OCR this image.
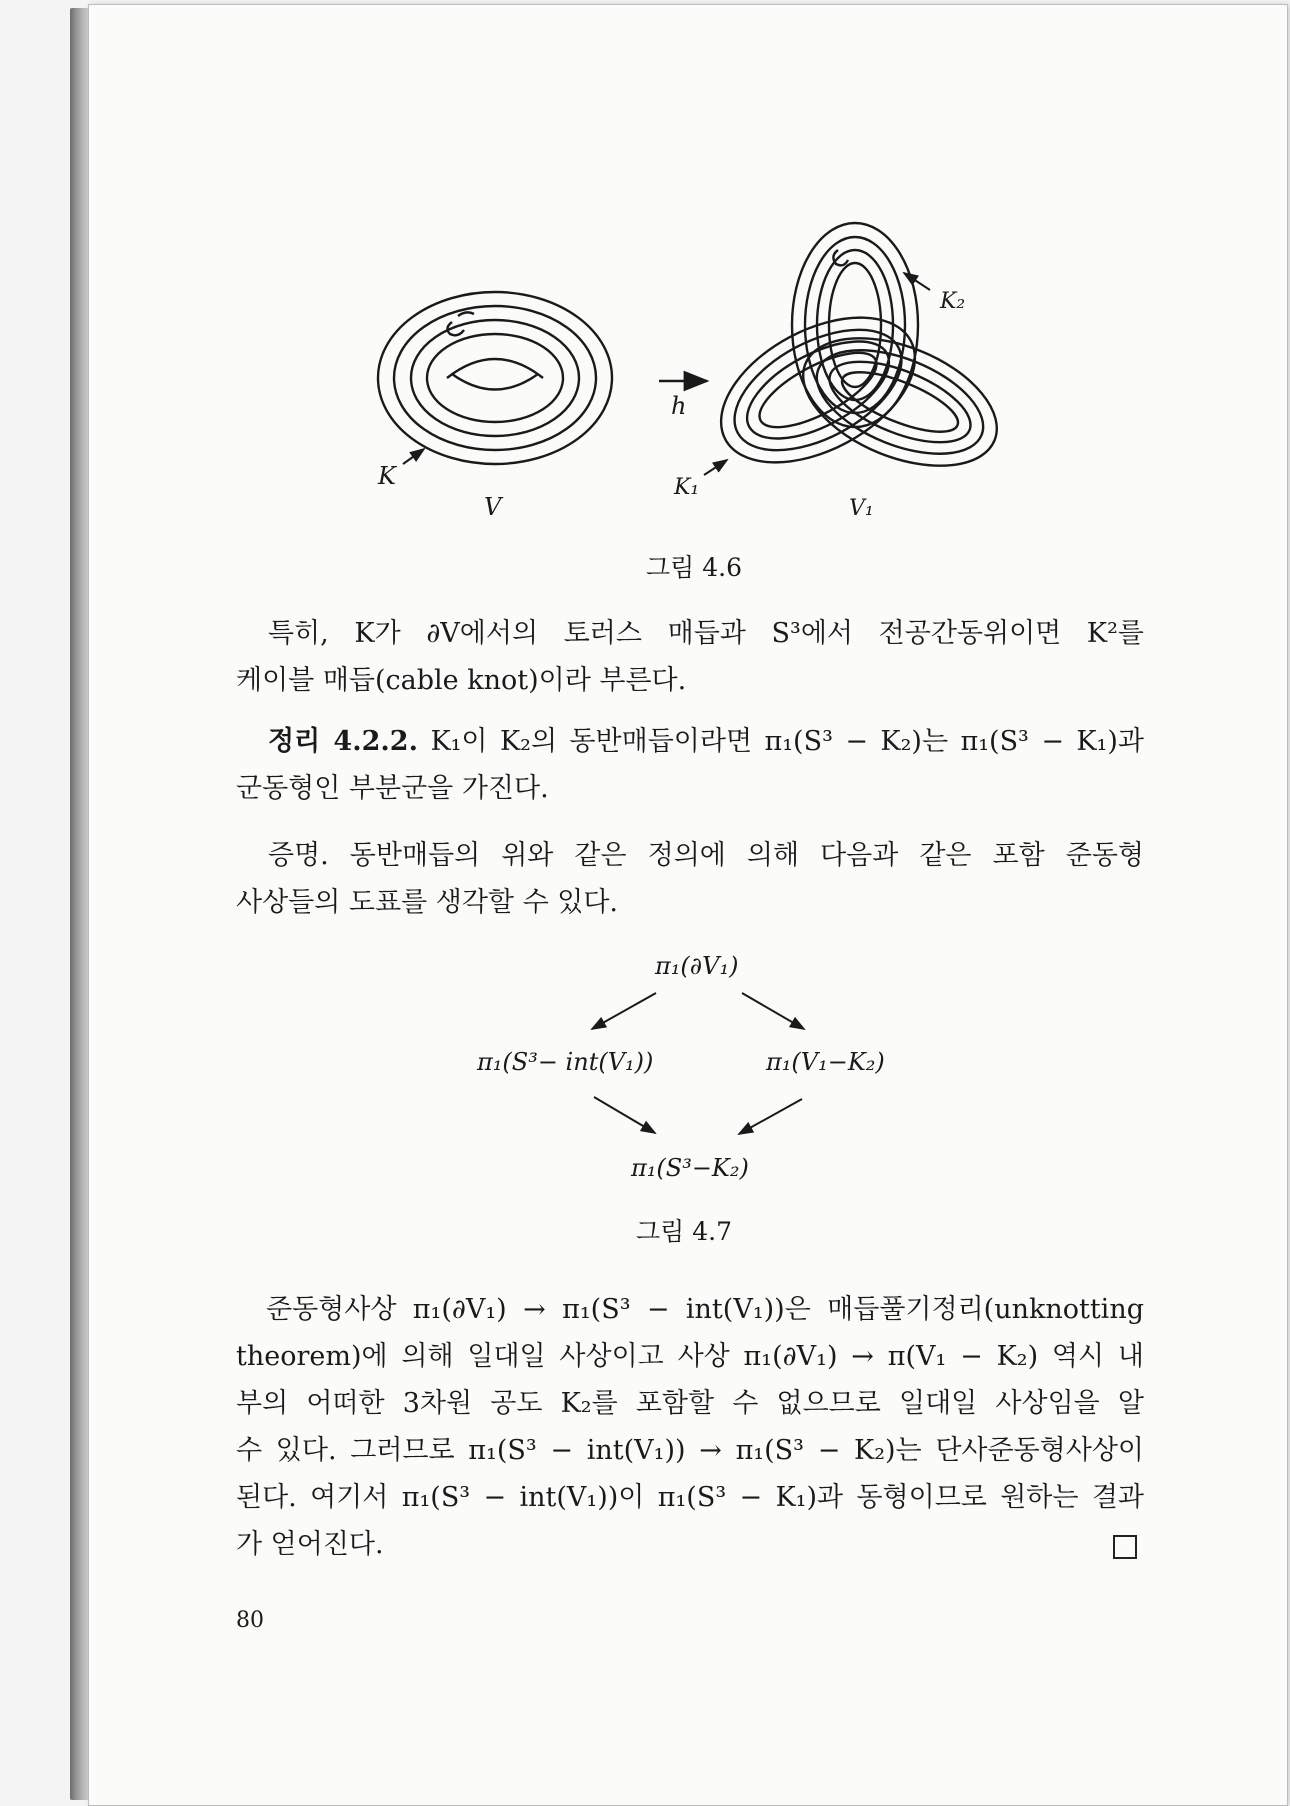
K
V
h
K₂
K₁
V₁
그림 4.6
특히, K가 ∂V에서의 토러스 매듭과 S³에서 전공간동위이면 K²를
케이블 매듭(cable knot)이라 부른다.
정리 4.2.2. K₁이 K₂의 동반매듭이라면 π₁(S³ − K₂)는 π₁(S³ − K₁)과
군동형인 부분군을 가진다.
증명. 동반매듭의 위와 같은 정의에 의해 다음과 같은 포함 준동형
사상들의 도표를 생각할 수 있다.
π₁(∂V₁)
π₁(S³− int(V₁))	π₁(V₁−K₂)
π₁(S³−K₂)
그림 4.7
준동형사상 π₁(∂V₁) → π₁(S³ − int(V₁))은 매듭풀기정리(unknotting
theorem)에 의해 일대일 사상이고 사상 π₁(∂V₁) → π(V₁ − K₂) 역시 내
부의 어떠한 3차원 공도 K₂를 포함할 수 없으므로 일대일 사상임을 알
수 있다. 그러므로 π₁(S³ − int(V₁)) → π₁(S³ − K₂)는 단사준동형사상이
된다. 여기서 π₁(S³ − int(V₁))이 π₁(S³ − K₁)과 동형이므로 원하는 결과
가 얻어진다.
80
